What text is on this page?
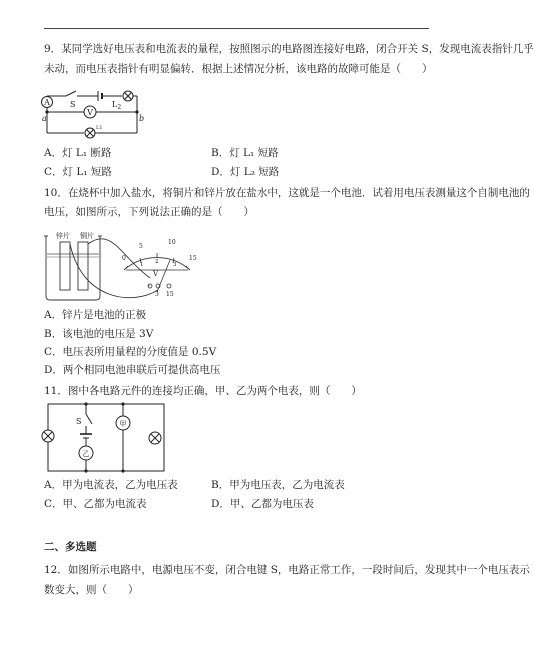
9．某同学选好电压表和电流表的量程，按照图示的电路图连接好电路，闭合开关 S，发现电流表指针几乎
未动，而电压表指针有明显偏转．根据上述情况分析，该电路的故障可能是（　　）
A	S	$L_2$
V
a	b
L1
A．灯 L₁ 断路	B．灯 L₁ 短路
C．灯 L₁ 短路	D．灯 L₂ 短路
10．在烧杯中加入盐水，将铜片和锌片放在盐水中，这就是一个电池．试着用电压表测量这个自制电池的
电压，如图所示，下列说法正确的是（　　）
锌片 铜片
0
5
10
15
1 2	3
V
-
3 15
A．锌片是电池的正极
B．该电池的电压是 3V
C．电压表所用量程的分度值是 0.5V
D．两个相同电池串联后可提供高电压
11．图中各电路元件的连接均正确，甲、乙为两个电表，则（　　）
S	甲
乙
A．甲为电流表，乙为电压表	B．甲为电压表，乙为电流表
C．甲、乙都为电流表	D．甲、乙都为电压表
二、多选题
12．如图所示电路中，电源电压不变，闭合电键 S，电路正常工作，一段时间后，发现其中一个电压表示
数变大，则（　　）
